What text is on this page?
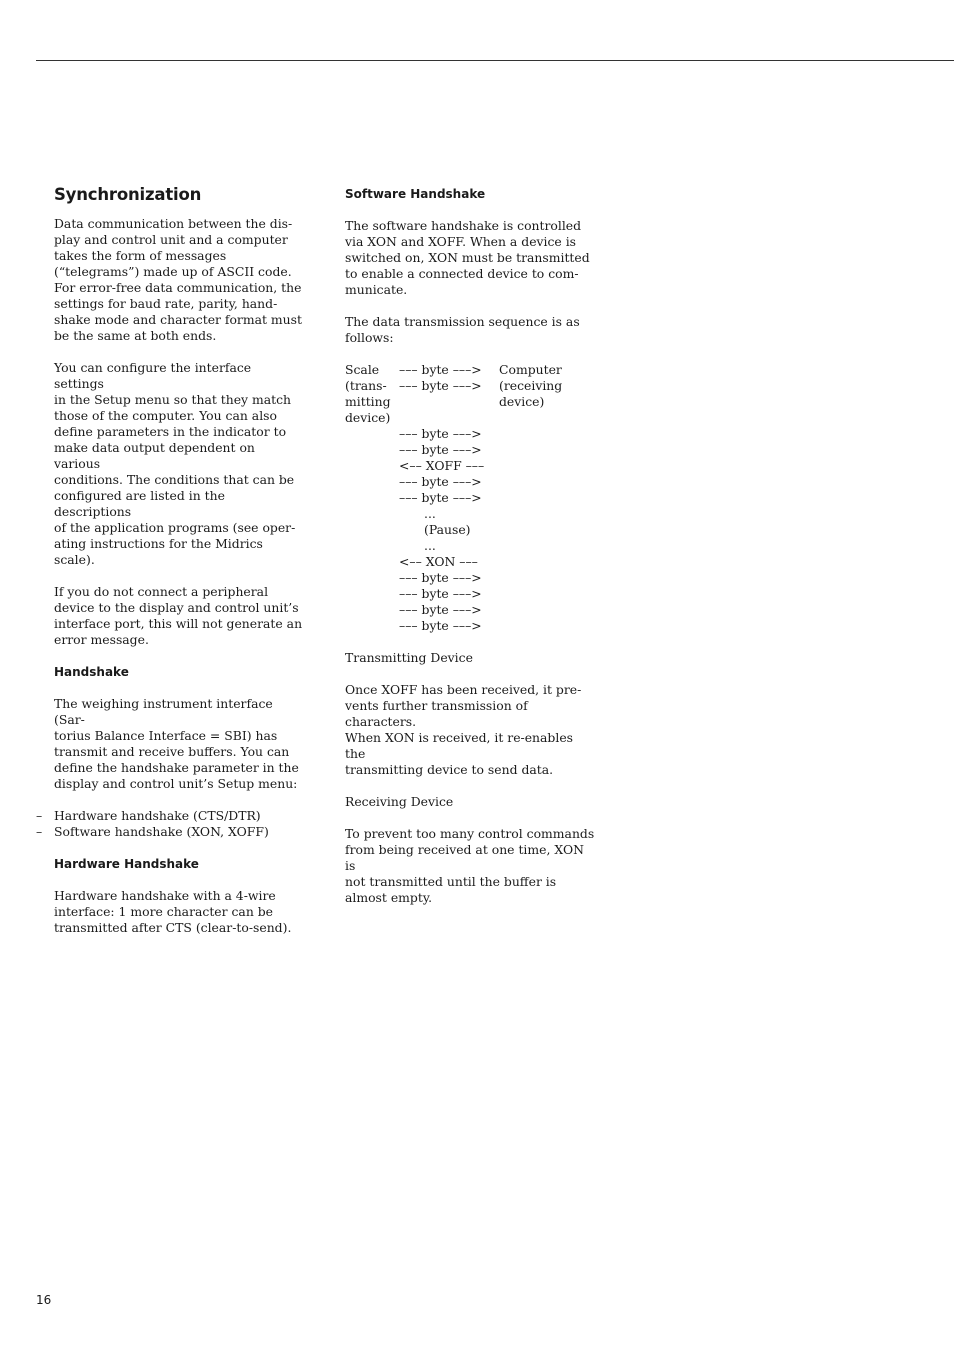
Synchronization

Data communication between the dis-
play and control unit and a computer
takes the form of messages
(“telegrams”) made up of ASCII code.
For error-free data communication, the
settings for baud rate, parity, hand-
shake mode and character format must
be the same at both ends.

You can configure the interface settings
in the Setup menu so that they match
those of the computer. You can also
define parameters in the indicator to
make data output dependent on various
conditions. The conditions that can be
configured are listed in the descriptions
of the application programs (see oper-
ating instructions for the Midrics scale).

If you do not connect a peripheral
device to the display and control unit’s
interface port, this will not generate an
error message.

Handshake

The weighing instrument interface (Sar-
torius Balance Interface = SBI) has
transmit and receive buffers. You can
define the handshake parameter in the
display and control unit’s Setup menu:

– Hardware handshake (CTS/DTR)
– Software handshake (XON, XOFF)
Hardware Handshake

Hardware handshake with a 4-wire
interface: 1 more character can be
transmitted after CTS (clear-to-send).

Software Handshake

The software handshake is controlled
via XON and XOFF. When a device is
switched on, XON must be transmitted
to enable a connected device to com-
municate.

The data transmission sequence is as
follows:

Scale
(trans-
mitting
device)
––– byte –––>
––– byte –––>
––– byte –––>
––– byte –––>
<–– XOFF –––
––– byte –––>
––– byte –––>
...
(Pause)
...
<–– XON –––
––– byte –––>
––– byte –––>
––– byte –––>
––– byte –––>
Computer
(receiving
device)

Transmitting Device

Once XOFF has been received, it pre-
vents further transmission of characters.
When XON is received, it re-enables the
transmitting device to send data.

Receiving Device

To prevent too many control commands
from being received at one time, XON is
not transmitted until the buffer is
almost empty.

16
